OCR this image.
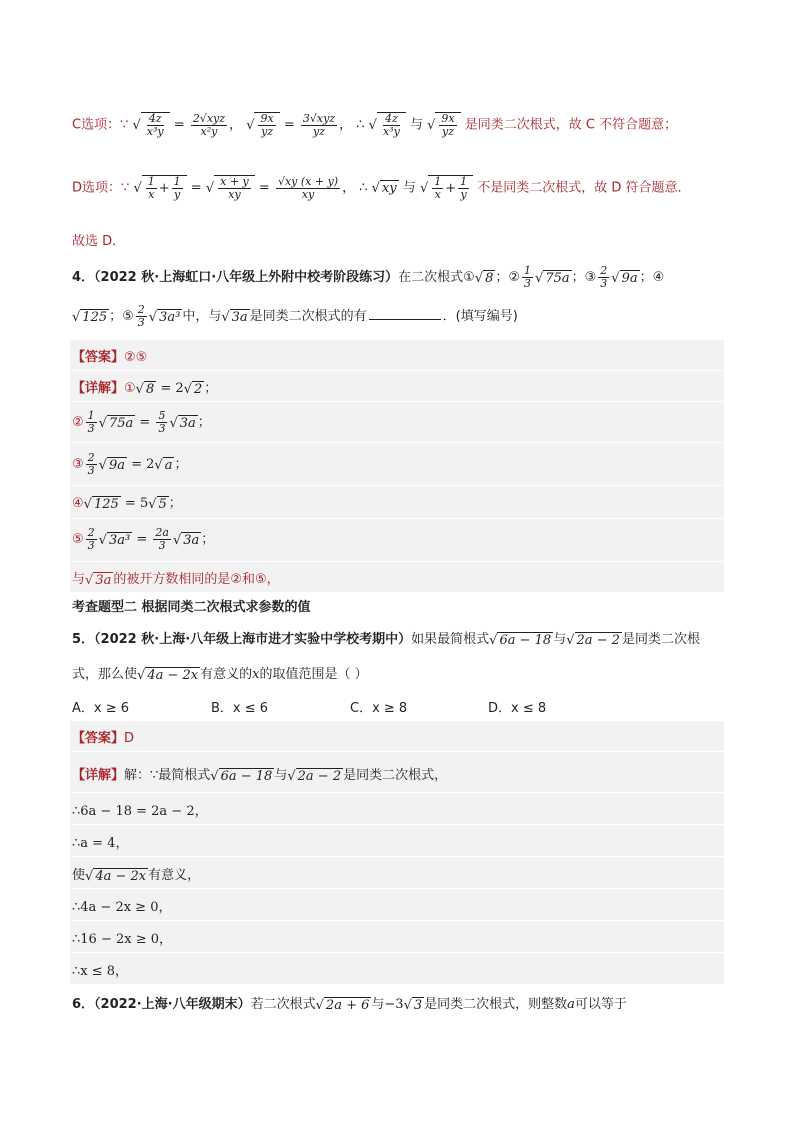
C选项：∵ √ $\frac{4z}{\text{x³y}} = \frac{\text{2√xyz}}{\text{x²y}}$ ， √ $\frac{9x}{yz} = \frac{\text{3√xyz}}{yz}$ ， ∴ √ $\frac{4z}{\text{x³y}}$ 与 √ $\frac{9x}{yz}$ 是同类二次根式，故 C 不符合题意；
D选项：∵ √ $\frac{1}{x} + \frac{1}{y}$ = √ $\frac{x + y}{xy} = \frac{√xy (x + y)}{xy}$ ， ∴ √ xy 与 √ $\frac{1}{x} + \frac{1}{y}$ 不是同类二次根式，故 D 符合题意．
故选 D．
4．（2022 秋·上海虹口·八年级上外附中校考阶段练习）在二次根式①√ 8 ；② $\frac{1}{3}$ √ 75a ；③ $\frac{2}{3}$ √ 9a ；④
√ 125 ；⑤ $\frac{2}{3}$ √ 3a³ 中，与√ 3a 是同类二次根式的有	．(填写编号)
【答案】②⑤
【详解】①√ 8 = 2√ 2 ；
② $\frac{1}{3}$ √ $75a = \frac{5}{3}$ √ 3a ；
③ $\frac{2}{3}$ √ 9a = 2√ a ；
④√ 125 = 5√ 5 ；
⑤ $\frac{2}{3}$ √ $3a^3 = \frac{2a}{3}$ √ 3a ；
与√ 3a 的被开方数相同的是②和⑤，
考查题型二 根据同类二次根式求参数的值
5．（2022 秋·上海·八年级上海市进才实验中学校考期中）如果最简根式√ 6a − 18 与√ 2a − 2 是同类二次根
式，那么使√ 4a − 2x 有意义的x的取值范围是（ ）
A．x ≥ 6	B．x ≤ 6	C．x ≥ 8	D．x ≤ 8
【答案】D
【详解】解：∵最简根式√ 6a − 18 与√ 2a − 2 是同类二次根式，
∴6a − 18 = 2a − 2，
∴a = 4，
使√ 4a − 2x 有意义，
∴4a − 2x ≥ 0，
∴16 − 2x ≥ 0，
∴x ≤ 8，
6．（2022·上海·八年级期末）若二次根式√ 2a + 6 与−3√ 3 是同类二次根式，则整数a可以等于
